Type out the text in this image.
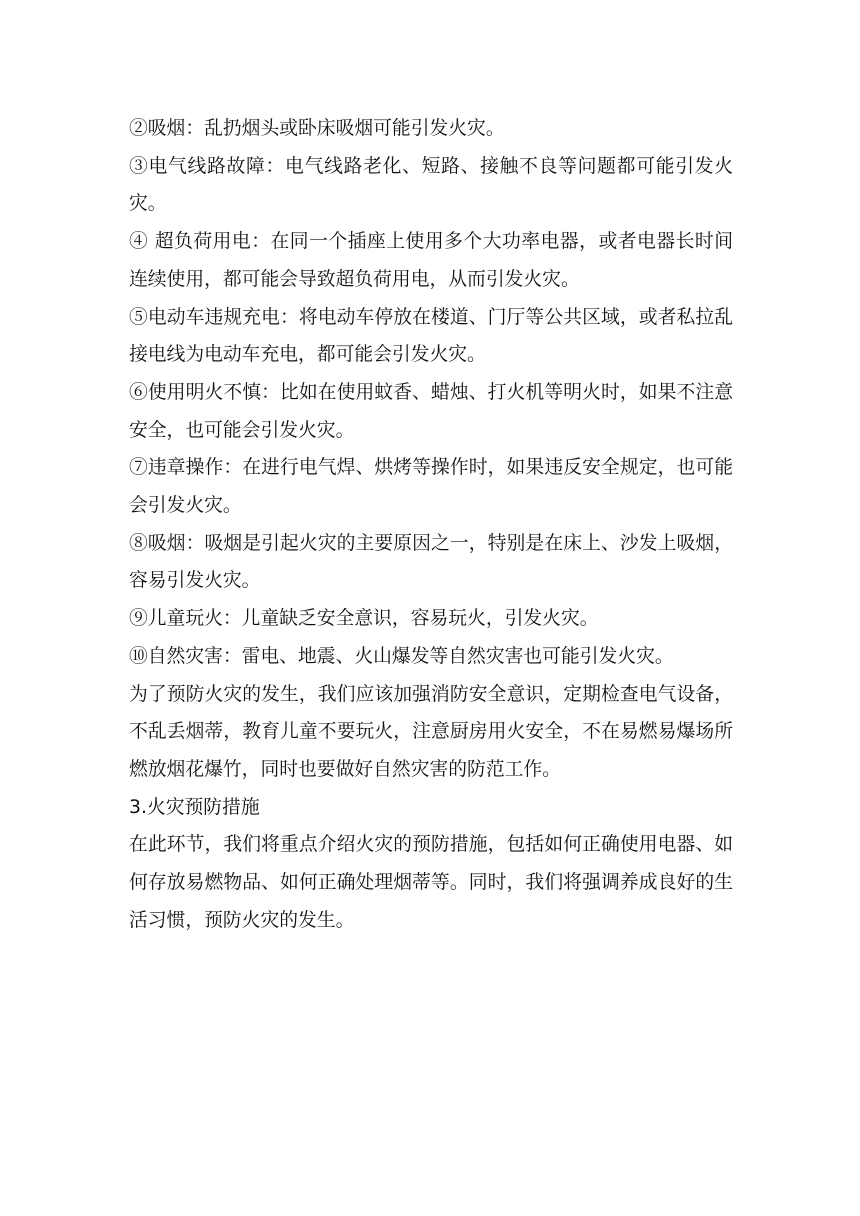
②吸烟：乱扔烟头或卧床吸烟可能引发火灾。

③电气线路故障：电气线路老化、短路、接触不良等问题都可能引发火灾。

④ 超负荷用电：在同一个插座上使用多个大功率电器，或者电器长时间连续使用，都可能会导致超负荷用电，从而引发火灾。

⑤电动车违规充电：将电动车停放在楼道、门厅等公共区域，或者私拉乱接电线为电动车充电，都可能会引发火灾。

⑥使用明火不慎：比如在使用蚊香、蜡烛、打火机等明火时，如果不注意安全，也可能会引发火灾。

⑦违章操作：在进行电气焊、烘烤等操作时，如果违反安全规定，也可能会引发火灾。

⑧吸烟：吸烟是引起火灾的主要原因之一，特别是在床上、沙发上吸烟，容易引发火灾。

⑨儿童玩火：儿童缺乏安全意识，容易玩火，引发火灾。

⑩自然灾害：雷电、地震、火山爆发等自然灾害也可能引发火灾。

为了预防火灾的发生，我们应该加强消防安全意识，定期检查电气设备，不乱丢烟蒂，教育儿童不要玩火，注意厨房用火安全，不在易燃易爆场所燃放烟花爆竹，同时也要做好自然灾害的防范工作。

3.火灾预防措施

在此环节，我们将重点介绍火灾的预防措施，包括如何正确使用电器、如何存放易燃物品、如何正确处理烟蒂等。同时，我们将强调养成良好的生活习惯，预防火灾的发生。
